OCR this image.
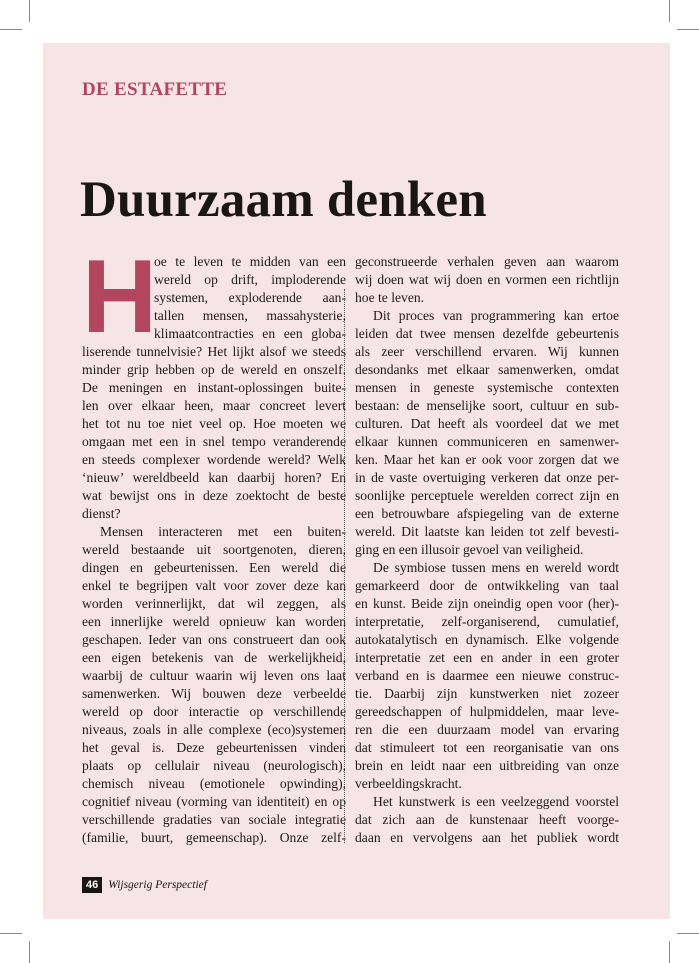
DE ESTAFETTE
Duurzaam denken
H
oe te leven te midden van een
wereld op drift, imploderende
systemen, exploderende aan-
tallen mensen, massahysterie,
klimaatcontracties en een globa-
liserende tunnelvisie? Het lijkt alsof we steeds
minder grip hebben op de wereld en onszelf.
De meningen en instant-oplossingen buite-
len over elkaar heen, maar concreet levert
het tot nu toe niet veel op. Hoe moeten we
omgaan met een in snel tempo veranderende
en steeds complexer wordende wereld? Welk
‘nieuw’ wereldbeeld kan daarbij horen? En
wat bewijst ons in deze zoektocht de beste
dienst?
Mensen interacteren met een buiten-
wereld bestaande uit soortgenoten, dieren,
dingen en gebeurtenissen. Een wereld die
enkel te begrijpen valt voor zover deze kan
worden verinnerlijkt, dat wil zeggen, als
een innerlijke wereld opnieuw kan worden
geschapen. Ieder van ons construeert dan ook
een eigen betekenis van de werkelijkheid,
waarbij de cultuur waarin wij leven ons laat
samenwerken. Wij bouwen deze verbeelde
wereld op door interactie op verschillende
niveaus, zoals in alle complexe (eco)systemen
het geval is. Deze gebeurtenissen vinden
plaats op cellulair niveau (neurologisch),
chemisch niveau (emotionele opwinding),
cognitief niveau (vorming van identiteit) en op
verschillende gradaties van sociale integratie
(familie, buurt, gemeenschap). Onze zelf-
geconstrueerde verhalen geven aan waarom
wij doen wat wij doen en vormen een richtlijn
hoe te leven.
Dit proces van programmering kan ertoe
leiden dat twee mensen dezelfde gebeurtenis
als zeer verschillend ervaren. Wij kunnen
desondanks met elkaar samenwerken, omdat
mensen in geneste systemische contexten
bestaan: de menselijke soort, cultuur en sub-
culturen. Dat heeft als voordeel dat we met
elkaar kunnen communiceren en samenwer-
ken. Maar het kan er ook voor zorgen dat we
in de vaste overtuiging verkeren dat onze per-
soonlijke perceptuele werelden correct zijn en
een betrouwbare afspiegeling van de externe
wereld. Dit laatste kan leiden tot zelf bevesti-
ging en een illusoir gevoel van veiligheid.
De symbiose tussen mens en wereld wordt
gemarkeerd door de ontwikkeling van taal
en kunst. Beide zijn oneindig open voor (her)-
interpretatie, zelf-organiserend, cumulatief,
autokatalytisch en dynamisch. Elke volgende
interpretatie zet een en ander in een groter
verband en is daarmee een nieuwe construc-
tie. Daarbij zijn kunstwerken niet zozeer
gereedschappen of hulpmiddelen, maar leve-
ren die een duurzaam model van ervaring
dat stimuleert tot een reorganisatie van ons
brein en leidt naar een uitbreiding van onze
verbeeldingskracht.
Het kunstwerk is een veelzeggend voorstel
dat zich aan de kunstenaar heeft voorge-
daan en vervolgens aan het publiek wordt
46 Wijsgerig Perspectief
